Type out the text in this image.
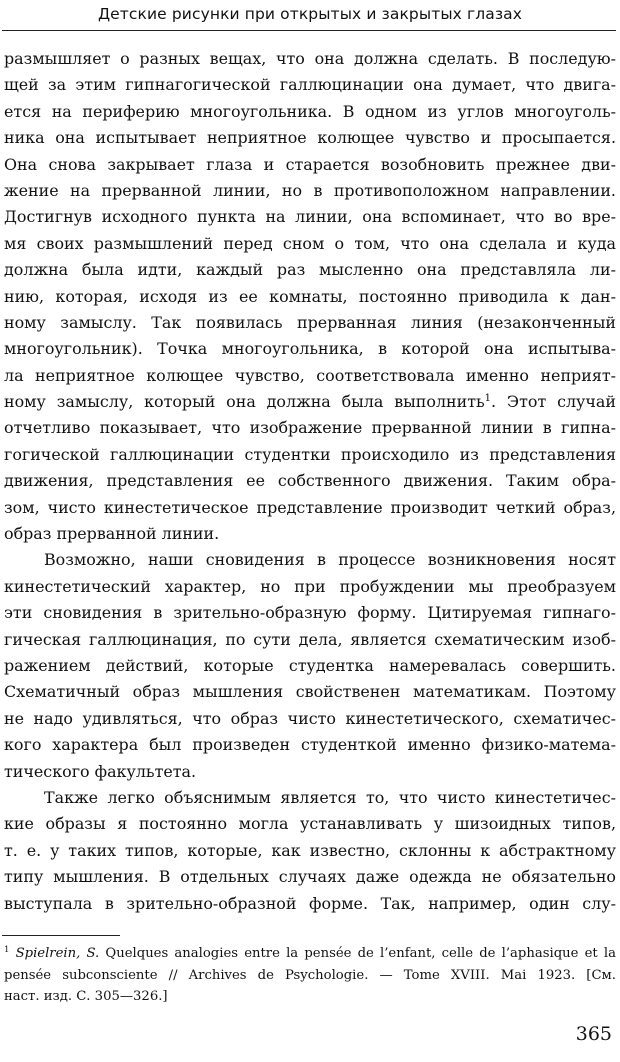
Детские рисунки при открытых и закрытых глазах
размышляет о разных вещах, что она должна сделать. В последую-
щей за этим гипнагогической галлюцинации она думает, что двига-
ется на периферию многоугольника. В одном из углов многоуголь-
ника она испытывает неприятное колющее чувство и просыпается.
Она снова закрывает глаза и старается возобновить прежнее дви-
жение на прерванной линии, но в противоположном направлении.
Достигнув исходного пункта на линии, она вспоминает, что во вре-
мя своих размышлений перед сном о том, что она сделала и куда
должна была идти, каждый раз мысленно она представляла ли-
нию, которая, исходя из ее комнаты, постоянно приводила к дан-
ному замыслу. Так появилась прерванная линия (незаконченный
многоугольник). Точка многоугольника, в которой она испытыва-
ла неприятное колющее чувство, соответствовала именно неприят-
ному замыслу, который она должна была выполнить$^1$. Этот случай
отчетливо показывает, что изображение прерванной линии в гипна-
гогической галлюцинации студентки происходило из представления
движения, представления ее собственного движения. Таким обра-
зом, чисто кинестетическое представление производит четкий образ,
образ прерванной линии.
Возможно, наши сновидения в процессе возникновения носят
кинестетический характер, но при пробуждении мы преобразуем
эти сновидения в зрительно-образную форму. Цитируемая гипнаго-
гическая галлюцинация, по сути дела, является схематическим изоб-
ражением действий, которые студентка намеревалась совершить.
Схематичный образ мышления свойственен математикам. Поэтому
не надо удивляться, что образ чисто кинестетического, схематичес-
кого характера был произведен студенткой именно физико-матема-
тического факультета.
Также легко объяснимым является то, что чисто кинестетичес-
кие образы я постоянно могла устанавливать у шизоидных типов,
т. е. у таких типов, которые, как известно, склонны к абстрактному
типу мышления. В отдельных случаях даже одежда не обязательно
выступала в зрительно-образной форме. Так, например, один слу-
$^1$ Spielrein, S. Quelques analogies entre la pensée de l’enfant, celle de l’aphasique et la
pensée subconsciente // Archives de Psychologie. — Tome XVIII. Mai 1923. [См.
наст. изд. С. 305—326.]
365
